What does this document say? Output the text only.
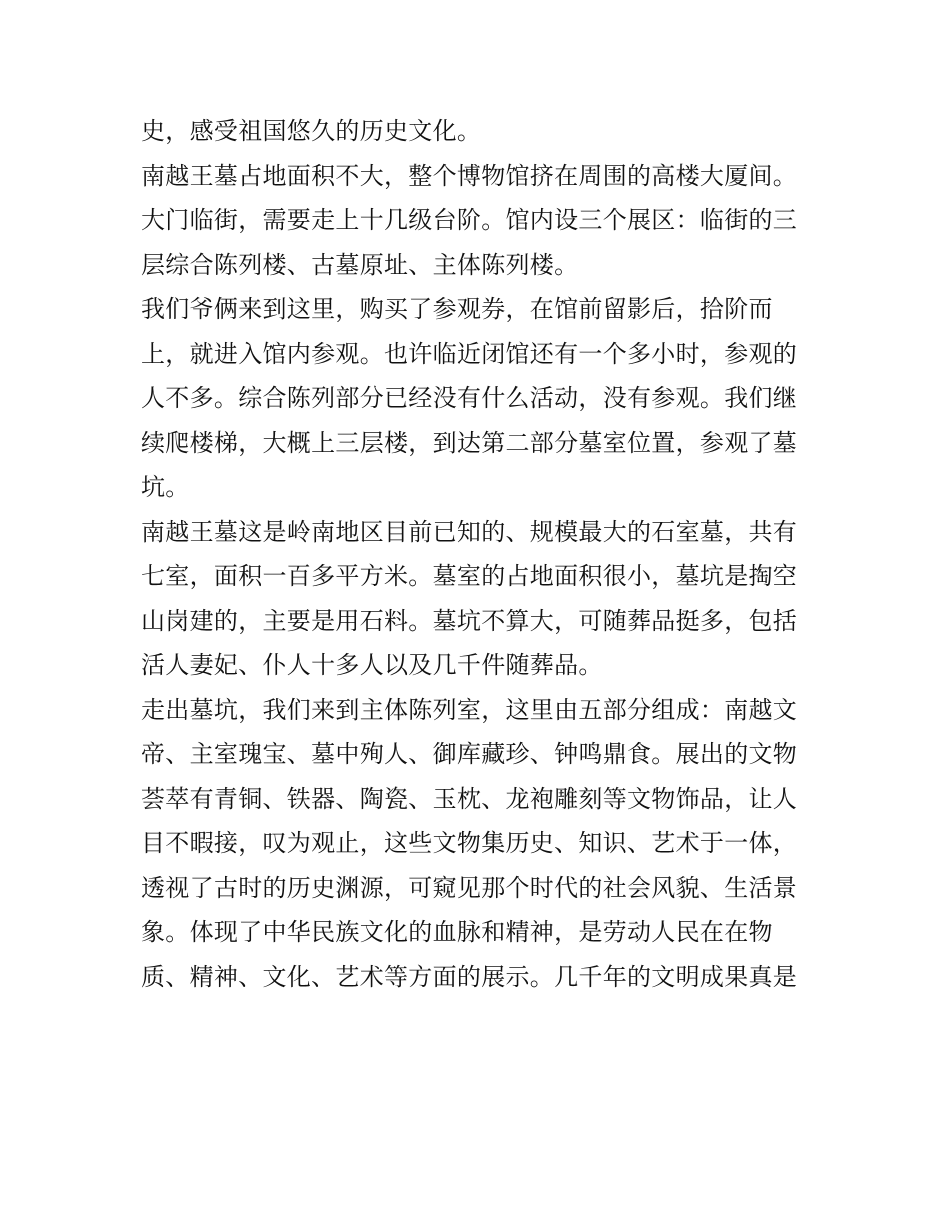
史，感受祖国悠久的历史文化。
南越王墓占地面积不大，整个博物馆挤在周围的高楼大厦间。
大门临街，需要走上十几级台阶。馆内设三个展区：临街的三
层综合陈列楼、古墓原址、主体陈列楼。
我们爷俩来到这里，购买了参观券，在馆前留影后，拾阶而
上，就进入馆内参观。也许临近闭馆还有一个多小时，参观的
人不多。综合陈列部分已经没有什么活动，没有参观。我们继
续爬楼梯，大概上三层楼，到达第二部分墓室位置，参观了墓
坑。
南越王墓这是岭南地区目前已知的、规模最大的石室墓，共有
七室，面积一百多平方米。墓室的占地面积很小，墓坑是掏空
山岗建的，主要是用石料。墓坑不算大，可随葬品挺多，包括
活人妻妃、仆人十多人以及几千件随葬品。
走出墓坑，我们来到主体陈列室，这里由五部分组成：南越文
帝、主室瑰宝、墓中殉人、御库藏珍、钟鸣鼎食。展出的文物
荟萃有青铜、铁器、陶瓷、玉枕、龙袍雕刻等文物饰品，让人
目不暇接，叹为观止，这些文物集历史、知识、艺术于一体，
透视了古时的历史渊源，可窥见那个时代的社会风貌、生活景
象。体现了中华民族文化的血脉和精神，是劳动人民在在物
质、精神、文化、艺术等方面的展示。几千年的文明成果真是
